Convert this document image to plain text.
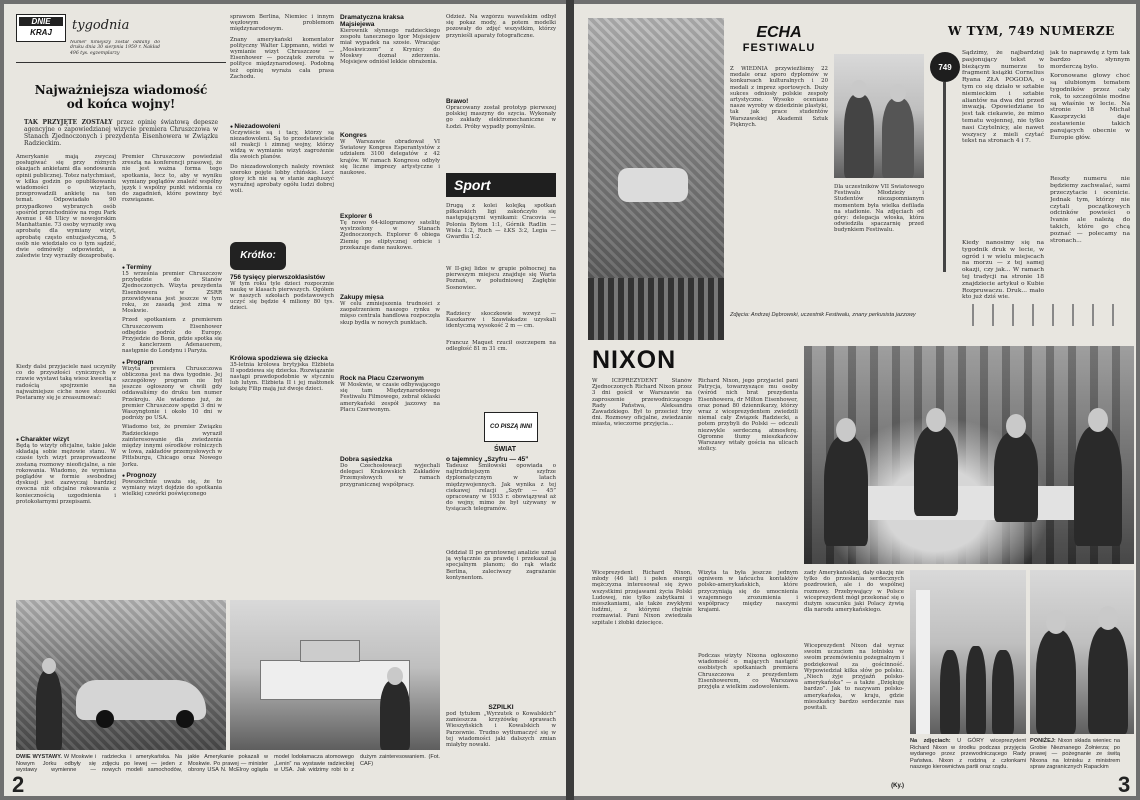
DNIE
KRAJ	tygodnia
Numer niniejszy został oddany do druku dnia 30 sierpnia 1959 r. Nakład 496 tys. egzemplarzy
Najważniejsza wiadomość od końca wojny!
TAK PRZYJĘTE ZOSTAŁY przez opinię światową depesze agencyjne o zapowiedzianej wizycie premiera Chruszczowa w Stanach Zjednoczonych i prezydenta Eisenhowera w Związku Radzieckim.
Amerykanie mają zwyczaj posługiwać się przy różnych okazjach ankietami dla sondowania opinii publicznej. Totez natychmiast, w kilka godzin po opublikowaniu wiadomości o wizytach, przeprowadzili ankietę na ten temat. Odpowiadało 90 przypadkowo wybranych osób spośród przechodniów na rogu Park Avenue i 48 Ulicy w nowojorskim Manhattanie. 73 osoby wyraziły swą aprobatę dla wymiany wizyt, aprobatę często entuzjastyczną, 5 osób nie wiedziało co o tym sądzić, dwie odmówiły odpowiedzi, a zaledwie trzy wyraziły dezaprobatę.
Kiedy dalsi przyjaciele nasi uczyniły co do przyszłości cynicznych w rzuwie wystawi taką wiesz kwestią z radością spojrzenie na najważniejsze ciche nowe stosunki Postaramy się je zreasumować:
● Charakter wizyt
Będą to wizyty oficjalne, takie jakie składają sobie mężowie stanu. W czasie tych wizyt przeprowadzone zostaną rozmowy nieoficjalne, a nie rokowania. Wiadomo, że wymiana poglądów w formie swobodnej dyskusji jest zazwyczaj bardziej owocna niż oficjalne rokowania z koniecznością uzgodnienia i protokołarnymi przepisami.
Premier Chruszczow powiedział zresztą na konferencji prasowej, że nie jest ważna forma tego spotkania, lecz to, aby w wyniku wymiany poglądów znaleźć wspólny język i wspólny punkt widzenia co do zagadnień, które powinny być rozwiązane.
● Terminy
15 września premier Chruszczow przybędzie do Stanów Zjednoczonych. Wizyta prezydenta Eisenhowera w ZSRR przewidywana jest jeszcze w tym roku, ze zasadą jest zima w Moskwie.
Przed spotkaniem z premierem Chruszczowem Eisenhower odbędzie podróż do Europy. Przyjedzie do Bonn, gdzie spotka się z kanclerzem Adenauerem, następnie do Londynu i Paryża.
● Program
Wizyta premiera Chruszczowa obliczona jest na dwa tygodnie. Jej szczegółowy program nie był jeszcze ogłoszony w chwili gdy oddawaliśmy do druku ten numer Przekroju. Ale wiadomo już, że premier Chruszczow spędzi 3 dni w Waszyngtonie i około 10 dni w podróży po USA.
Wiadomo też, że premier Związku Radzieckiego wyraził zainteresowanie dla zwiedzenia między innymi ośrodków rolniczych w Iowa, zakładów przemysłowych w Pittsburgu, Chicago oraz Nowego Jorku.
● Prognozy
Powszechnie uważa się, że to wymiany wizyt dojdzie do spotkania wielkiej czwórki poświęconego
sprawom Berlina, Niemiec i innym węzłowym problemom międzynarodowym.
Znany amerykański komentator polityczny Walter Lippmann, widzi w wymianie wizyt Chruszczow — Eisenhower — początek zwrotu w polityce międzynarodowej. Podobną też opinię wyraża cała prasa Zachodu.
● Niezadowoleni
Oczywiście są i tacy, którzy są niezadowoleni. Są to przedstawiciele sił reakcji i zimnej wojny, którzy widzą w wymianie wizyt zagrożenie dla swoich planów.
Do niezadowolonych należy również szeroko pojęte lobby chińskie. Lecz głosy ich nie są w stanie zagłuszyć wyraźnej aprobaty ogółu ludzi dobrej woli.
Krótko:
756 tysięcy pierwszoklasistów
W tym roku tyle dzieci rozpocznie naukę w klasach pierwszych. Ogółem w naszych szkołach podstawowych uczyć się będzie 4 miliony 80 tys. dzieci.
Królowa spodziewa się dziecka
35-letnia królowa brytyjska Elżbieta II spodziewa się dziecka. Rozwiązanie nastąpi prawdopodobnie w styczniu lub lutym. Elżbieta II i jej małżonek książę Filip mają już dwoje dzieci.
Dramatyczna kraksa Majsiejewa
Kierownik słynnego radzieckiego zespołu tanecznego Igor Mojsiejew miał wypadek na szosie. Wracając „Moskwiczem” z Krynicy do Moskwy doznał zderzenia. Mojsiejew odniósł lekkie obrażenia.
Kongres
W Warszawie obradował VI Światowy Kongres Esperantystów z udziałem 3100 delegatów z 42 krajów. W ramach Kongresu odbyły się liczne imprezy artystyczne i naukowe.
Explorer 6
Tę nowo 64-kilogramowy satelitę wystrzelony w Stanach Zjednoczonych. Explorer 6 obiega Ziemię po eliptycznej orbicie i przekazuje dane naukowe.
Zakupy mięsa
W celu zmniejszenia trudności z zaopatrzeniem naszego rynku w mięso centrala handlowa rozpoczęła skup bydła w nowych punktach.
Rock na Placu Czerwonym
W Moskwie, w czasie odbywającego się tam Międzynarodowego Festiwalu Filmowego, zebrał oklaski amerykański zespół jazzowy na Placu Czerwonym.
Dobra sąsiedzka
Do Czechosłowacji wyjechali delegaci Krakowskich Zakładów Przemysłowych w ramach przygranicznej współpracy.
Odzież. Na wzgórzu wawelskim odbył się pokaz mody, a potem modelki pozowały do zdjęć wszystkim, którzy przynieśli aparaty fotograficzne.
Brawo!
Opracowany został prototyp pierwszej polskiej maszyny do szycia. Wykonały go zakłady elektromechaniczne w Łodzi. Próby wypadły pomyślnie.
Sport
Drugą z kolei kolejką spotkań piłkarskich ligi zakończyło się następującymi wynikami: Cracovia — Polonia Bytom 1:1, Górnik Radlin — Wisła 1:2, Ruch — ŁKS 3:2, Legia — Gwardia 1:2.
W II-giej lidze w grupie północnej na pierwszym miejscu znajduje się Warta Poznań, w południowej Zagłębie Sosnowiec.
Radziecy skoczkowie wzwyż — Kaszkarow i Szawłakadze uzyskali identyczną wysokość 2 m — cm.
Francuz Maquet rzucił oszczepem na odległość 81 m 31 cm.
CO PISZĄ INNI
ŚWIAT
o tajemnicy „Szyfru — 45”
Tadeusz Smiłowski opowiada o najtrudniejszym szyfrze dyplomatycznym w latach międzywojennych. Jak wynika z tej ciekawej relacji „Szyfr — 45” opracowany w 1933 r. obowiązywał aż do wojny, mimo że był używany w tysiącach telegramów.
Oddział II po gruntownej analizie uznał ją wyłącznie za prawdę i przekazał ją specjalnym planom; do rąk władz Berlina, zaleciwszy zagrażanie kontynentom.
SZPILKI
pod tytułem „Wyrzutek o Kowalskich” zamieszcza krzyżówkę sprawach Wieszyńskich i Kowalskich w Parzewnie. Trudno wytłumaczyć się w tej wiadomości jaki dalszych zmian miałyby nowaki.
DWIE WYSTAWY. W Moskwie i Nowym Jorku odbyły się wystawy wymienne — radziecka i amerykańska. Na zdjęciu po lewej — jeden z nowych modeli samochodów, jakie Amerykanie pokazali w Moskwie. Po prawej — minister obrony USA N. McElroy ogląda model lodołamacza atomowego „Lenin” na wystawie radzieckiej w USA. Jak widzimy robi to z dużym zainteresowaniem. (Fot. CAF)
2
ECHA
FESTIWALU
Z WIEDNIA przywieźliśmy 22 medale oraz sporo dyplomów w konkursach kulturalnych i 20 medali z imprez sportowych. Duży sukces odniosły polskie zespoły artystyczne. Wysoko oceniano nasze wyroby w dziedzinie plastyki, tak jak prace studentów Warszawskiej Akademii Sztuk Pięknych.
Dla uczestników VII Światowego Festiwalu Młodzieży i Studentów niezapomnianym momentem była wielka defilada na stadionie. Na zdjęciach od góry: delegacja włoska, która odwiedziła spaczarnię przed budynkiem Festiwalu.
Zdjęcia: Andrzej Dębrowski, uczestnik Festiwalu, znany perkusista jazzowy
W TYM, 749 NUMERZE
749
Sądzimy, że najbardziej pasjonujący tekst w bieżącym numerze to fragment książki Cornelius Ryana ZŁA POGODA, o tym co się działo w sztabie niemieckim i sztabie aliantów na dwa dni przed inwazją. Opowiedziane to jest tak ciekawie, że mimo tematu wojennej, nie tylko nasi Czytelnicy, ale nawet wszyscy z mieli czytać tekst na stronach 4 i 7.
Kiedy nanosimy się na tygodnik druk w lecie, w ogród i w wielu miejscach na morzu — z tej samej okazji, czy jak... W ramach tej tradycji na stronie 18 znajdziecie artykuł o Kubie Rozpruwaczu. Druk... mało kto już dziś wie.
jak to naprawdę z tym tak bardzo słynnym morderczą było.
Koronowane głowy choć są ulubionym tematem tygodników przez cały rok, to szczególnie modne są właśnie w lecie. Na stronie 18 Michał Kaszprzycki daje zestawienie takich panujących obecnie w Europie głów.
Reszty numeru nie będziemy zachwalać, sami przeczytacie i ocenicie. Jednak tym, którzy nie czytali początkowych odcinków powieści o Ivanie ale należą do takich, które go chcą poznać — polecamy na stronach...
NIXON
W ICEPREZYDENT Stanów Zjednoczonych Richard Nixon przez 3 dni gościł w Warszawie na zaproszenie przewodniczącego Rady Państwa, Aleksandra Zawadzkiego. Był to przecież trzy dni. Rozmowy oficjalne, zwiedzanie miasta, wieczorne przyjęcia...
Richard Nixon, jego przyjaciel pani Patrycja, towarzyszące mu osoby (wśród nich brat prezydenta Eisenhowera, dr Milton Eisenhower, oraz ponad 80 dziennikarzy, którzy wraz z wiceprezydentem zwiedzili niemal cały Związek Radziecki, a potem przybyli do Polski — odczuli niezwykle serdeczną atmosferę. Ogromne tłumy mieszkańców Warszawy witały gościa na ulicach stolicy.
Wiceprezydent Richard Nixon, młody (46 lat) i pełen energii mężczyzna interesował się żywo wszystkimi przejawami życia Polski Ludowej, nie tylko zabytkami i mieszkaniami, ale także zwykłymi ludźmi, z którymi chętnie rozmawiał. Pani Nixon zwiedzała szpitale i żłobki dziecięce.
Wizyta ta była jeszcze jednym ogniwem w łańcuchu kontaktów polsko-amerykańskich, które przyczyniają się do umocnienia wzajemnego zrozumienia i współpracy między naszymi krajami.
Podczas wizyty Nixona ogłoszono wiadomość o mających nastąpić osobistych spotkaniach premiera Chruszczowa z prezydentem Eisenhowerem, co Warszawa przyjęła z wielkim zadowoleniem.
zady Amerykańskiej, dały okazję nie tylko do przesłania serdecznych pozdrowień, ale i do wspólnej rozmowy. Przebywający w Polsce wiceprezydent mógł przekonać się o dużym szacunku jaki Polacy żywią dla narodu amerykańskiego.
Wiceprezydent Nixon dał wyraz swoim uczuciom na lotnisku w swoim przemówieniu pożegnalnym i podziękował za gościnność. Wypowiedział kilka słów po polsku. „Niech żyje przyjaźń polsko-amerykańska” — a także „Dziękuję bardzo”. Jak to nazywam polsko-amerykańska, w kraju, gdzie mieszkańcy bardzo serdecznie nas powitali.
(Ky.)
Na zdjęciach: U GÓRY wiceprezydent Richard Nixon w środku podczas przyjęcia wydanego przez przewodniczącego Rady Państwa. Nixon z rodziną z członkami naszego kierownictwa partii oraz rządu.
PONIŻEJ: Nixon składa wieniec na Grobie Nieznanego Żołnierza; po prawej — pożegnanie ze świtą Nixona na lotnisku z ministrem spraw zagranicznych Rapackim
3
